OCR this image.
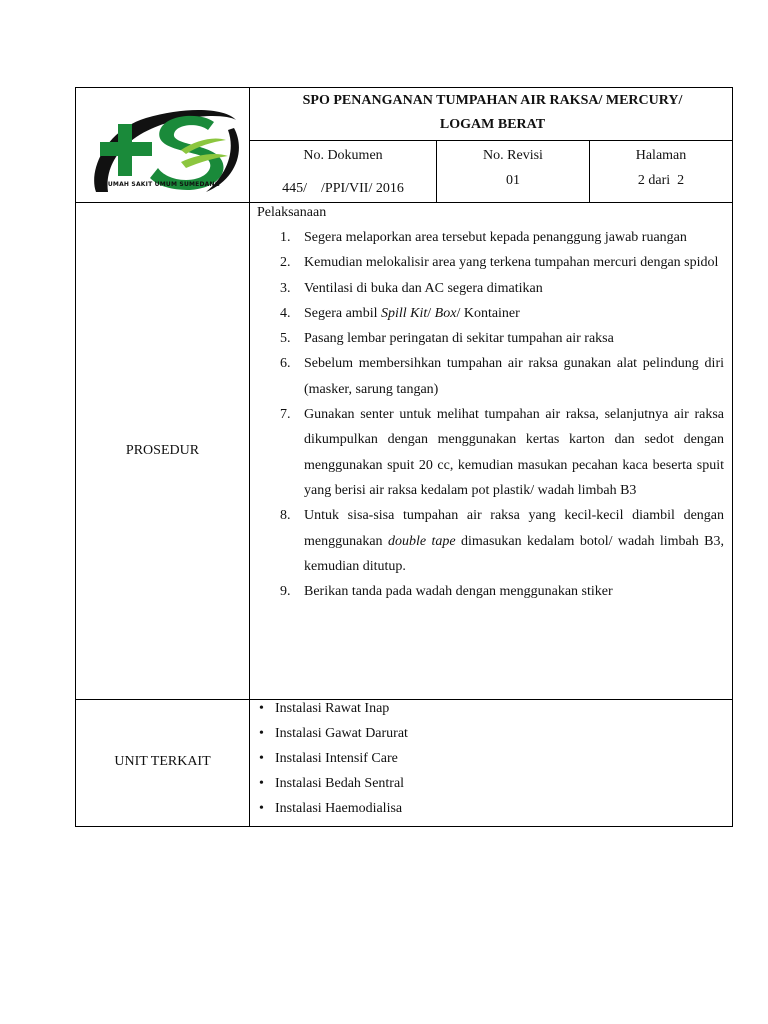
RUMAH SAKIT UMUM SUMEDANG
SPO PENANGANAN TUMPAHAN AIR RAKSA/ MERCURY/
LOGAM BERAT
No. Dokumen
445/    /PPI/VII/ 2016
No. Revisi
01
Halaman
2 dari  2
PROSEDUR
Pelaksanaan
1. Segera melaporkan area tersebut kepada penanggung jawab ruangan
2. Kemudian melokalisir area yang terkena tumpahan mercuri dengan spidol
3. Ventilasi di buka dan AC segera dimatikan
4. Segera ambil Spill Kit/ Box/ Kontainer
5. Pasang lembar peringatan di sekitar tumpahan air raksa
6. Sebelum membersihkan tumpahan air raksa gunakan alat pelindung diri (masker, sarung tangan)
7. Gunakan senter untuk melihat tumpahan air raksa, selanjutnya air raksa dikumpulkan dengan menggunakan kertas karton dan sedot dengan menggunakan spuit 20 cc, kemudian masukan pecahan kaca beserta spuit yang berisi air raksa kedalam pot plastik/ wadah limbah B3
8. Untuk sisa-sisa tumpahan air raksa yang kecil-kecil diambil dengan menggunakan double tape dimasukan kedalam botol/ wadah limbah B3, kemudian ditutup.
9. Berikan tanda pada wadah dengan menggunakan stiker
UNIT TERKAIT
• Instalasi Rawat Inap
• Instalasi Gawat Darurat
• Instalasi Intensif Care
• Instalasi Bedah Sentral
• Instalasi Haemodialisa
